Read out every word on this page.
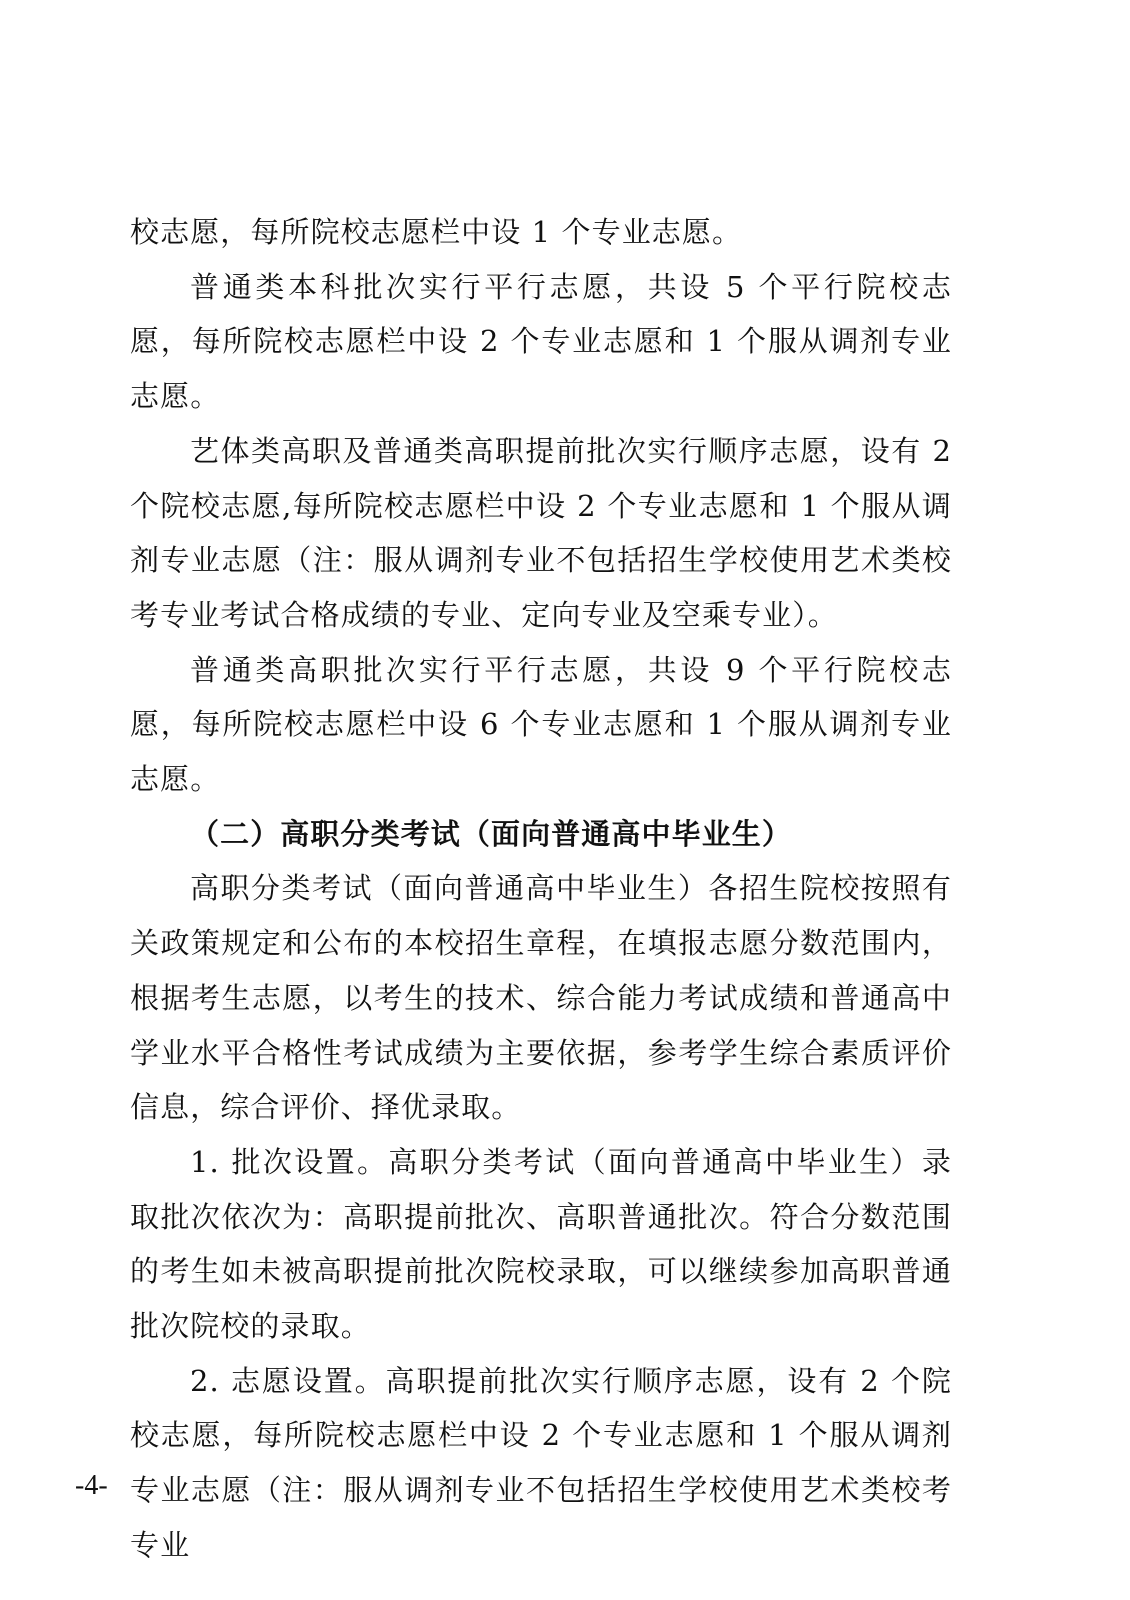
校志愿，每所院校志愿栏中设 1 个专业志愿。

普通类本科批次实行平行志愿，共设 5 个平行院校志愿，每所院校志愿栏中设 2 个专业志愿和 1 个服从调剂专业志愿。

艺体类高职及普通类高职提前批次实行顺序志愿，设有 2 个院校志愿,每所院校志愿栏中设 2 个专业志愿和 1 个服从调剂专业志愿（注：服从调剂专业不包括招生学校使用艺术类校考专业考试合格成绩的专业、定向专业及空乘专业）。

普通类高职批次实行平行志愿，共设 9 个平行院校志愿，每所院校志愿栏中设 6 个专业志愿和 1 个服从调剂专业志愿。

（二）高职分类考试（面向普通高中毕业生）

高职分类考试（面向普通高中毕业生）各招生院校按照有关政策规定和公布的本校招生章程，在填报志愿分数范围内，根据考生志愿，以考生的技术、综合能力考试成绩和普通高中学业水平合格性考试成绩为主要依据，参考学生综合素质评价信息，综合评价、择优录取。

1. 批次设置。高职分类考试（面向普通高中毕业生）录取批次依次为：高职提前批次、高职普通批次。符合分数范围的考生如未被高职提前批次院校录取，可以继续参加高职普通批次院校的录取。

2. 志愿设置。高职提前批次实行顺序志愿，设有 2 个院校志愿，每所院校志愿栏中设 2 个专业志愿和 1 个服从调剂专业志愿（注：服从调剂专业不包括招生学校使用艺术类校考专业

-4-
